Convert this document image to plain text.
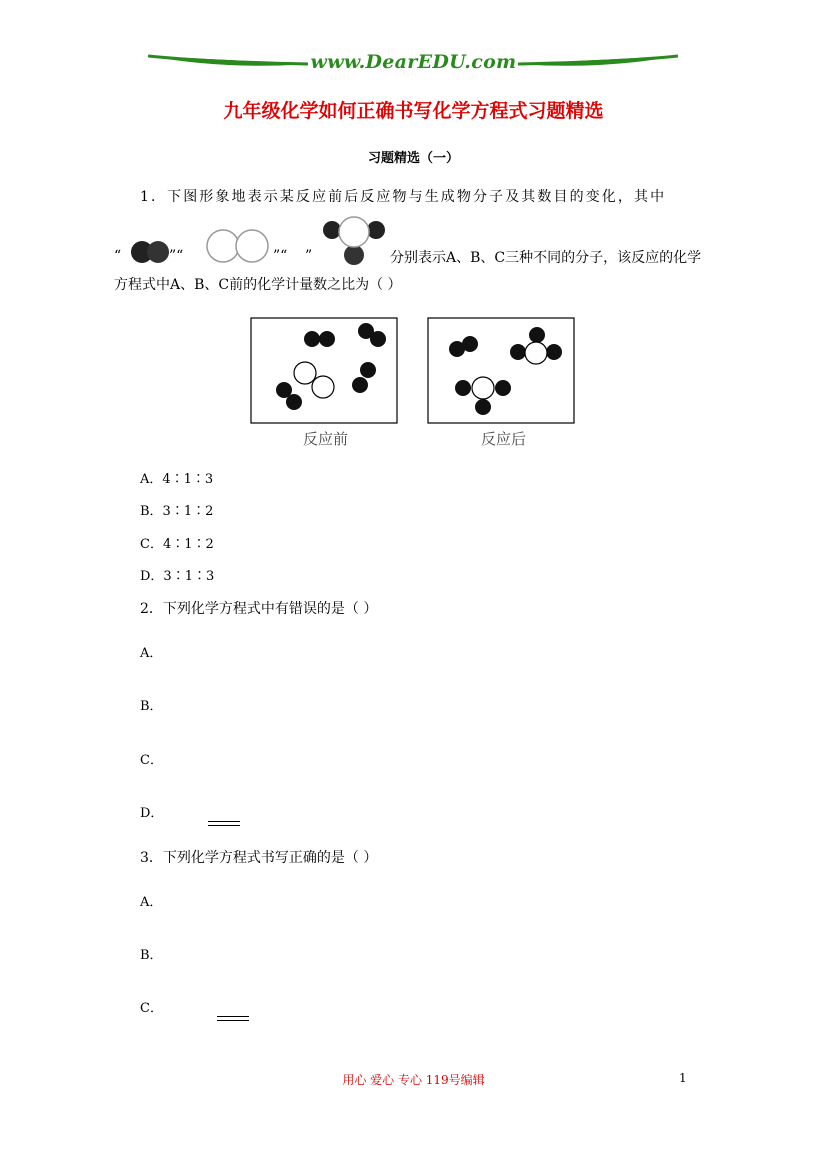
www.DearEDU.com
九年级化学如何正确书写化学方程式习题精选
习题精选（一）
1．下图形象地表示某反应前后反应物与生成物分子及其数目的变化，其中
“	”“	”“ ”	分别表示A、B、C三种不同的分子，该反应的化学
方程式中A、B、C前的化学计量数之比为（ ）
反应前	反应后
A．4∶1∶3
B．3∶1∶2
C．4∶1∶2
D．3∶1∶3
2．下列化学方程式中有错误的是（ ）
A．
B．
C．
D．
3．下列化学方程式书写正确的是（ ）
A．
B．
C．
用心 爱心 专心 119号编辑	1
